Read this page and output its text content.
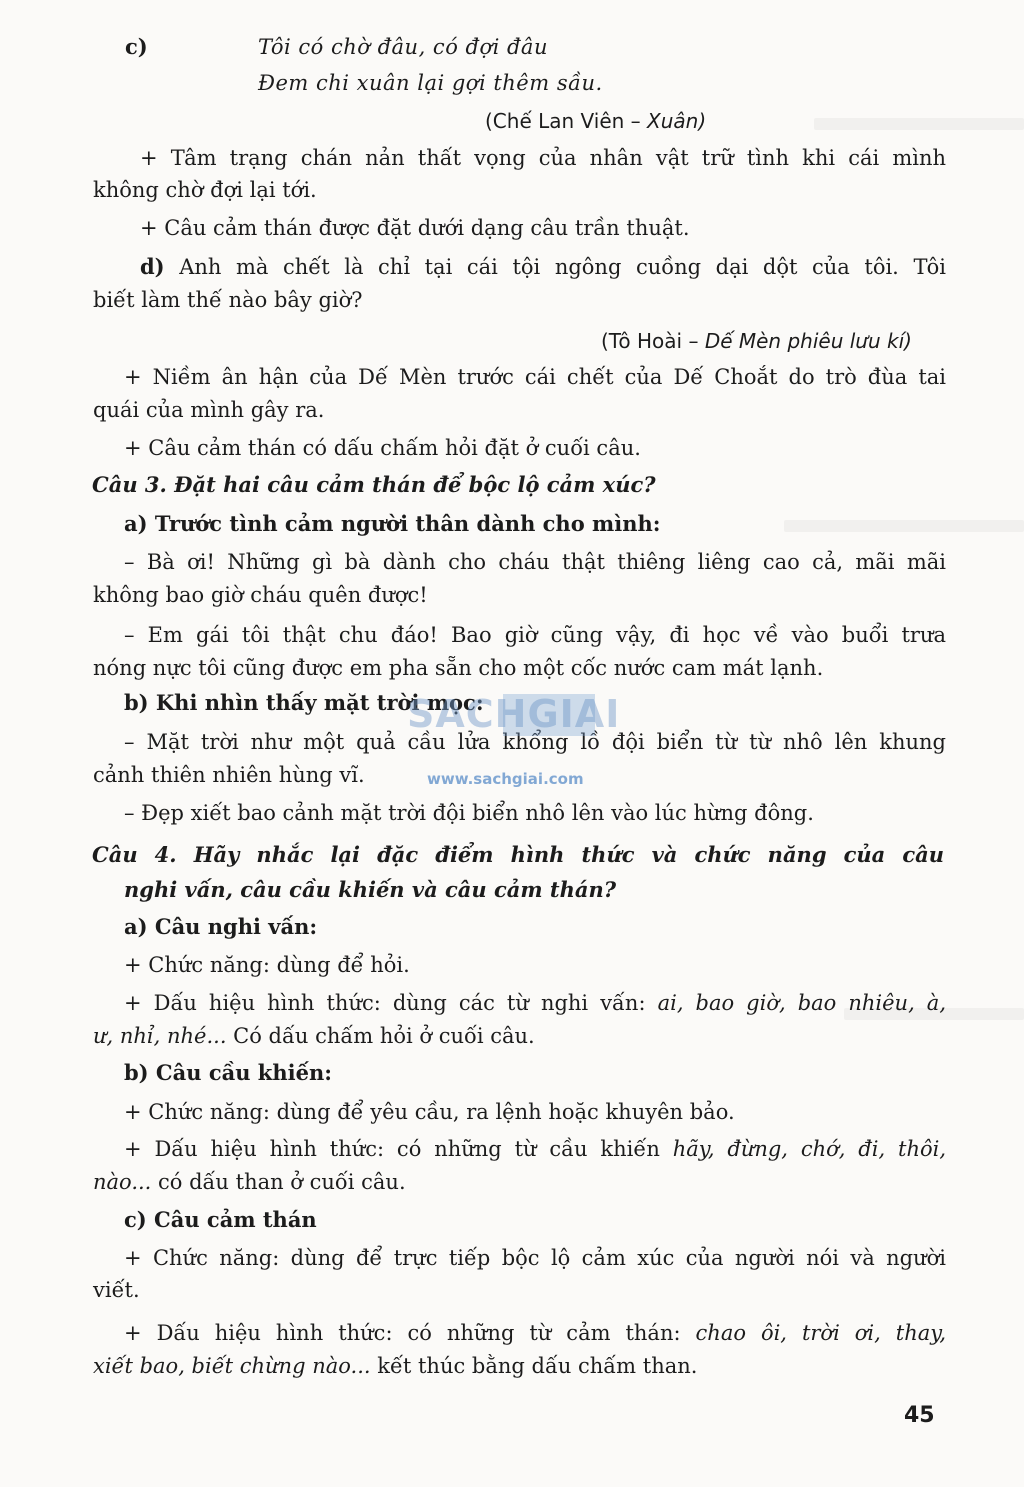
c)	Tôi có chờ đâu, có đợi đâu
Đem chi xuân lại gợi thêm sầu.
(Chế Lan Viên – Xuân)
+ Tâm trạng chán nản thất vọng của nhân vật trữ tình khi cái mình
không chờ đợi lại tới.
+ Câu cảm thán được đặt dưới dạng câu trần thuật.
d) Anh mà chết là chỉ tại cái tội ngông cuồng dại dột của tôi. Tôi
biết làm thế nào bây giờ?
(Tô Hoài – Dế Mèn phiêu lưu kí)
+ Niềm ân hận của Dế Mèn trước cái chết của Dế Choắt do trò đùa tai
quái của mình gây ra.
+ Câu cảm thán có dấu chấm hỏi đặt ở cuối câu.
Câu 3. Đặt hai câu cảm thán để bộc lộ cảm xúc?
a) Trước tình cảm người thân dành cho mình:
– Bà ơi! Những gì bà dành cho cháu thật thiêng liêng cao cả, mãi mãi
không bao giờ cháu quên được!
– Em gái tôi thật chu đáo! Bao giờ cũng vậy, đi học về vào buổi trưa
nóng nực tôi cũng được em pha sẵn cho một cốc nước cam mát lạnh.
b) Khi nhìn thấy mặt trời mọc:
– Mặt trời như một quả cầu lửa khổng lồ đội biển từ từ nhô lên khung
cảnh thiên nhiên hùng vĩ.
– Đẹp xiết bao cảnh mặt trời đội biển nhô lên vào lúc hừng đông.
Câu 4. Hãy nhắc lại đặc điểm hình thức và chức năng của câu
nghi vấn, câu cầu khiến và câu cảm thán?
a) Câu nghi vấn:
+ Chức năng: dùng để hỏi.
+ Dấu hiệu hình thức: dùng các từ nghi vấn: ai, bao giờ, bao nhiêu, à,
ư, nhỉ, nhé... Có dấu chấm hỏi ở cuối câu.
b) Câu cầu khiến:
+ Chức năng: dùng để yêu cầu, ra lệnh hoặc khuyên bảo.
+ Dấu hiệu hình thức: có những từ cầu khiến hãy, đừng, chớ, đi, thôi,
nào... có dấu than ở cuối câu.
c) Câu cảm thán
+ Chức năng: dùng để trực tiếp bộc lộ cảm xúc của người nói và người
viết.
+ Dấu hiệu hình thức: có những từ cảm thán: chao ôi, trời ơi, thay,
xiết bao, biết chừng nào... kết thúc bằng dấu chấm than.
SACHGIAI
www.sachgiai.com
45
